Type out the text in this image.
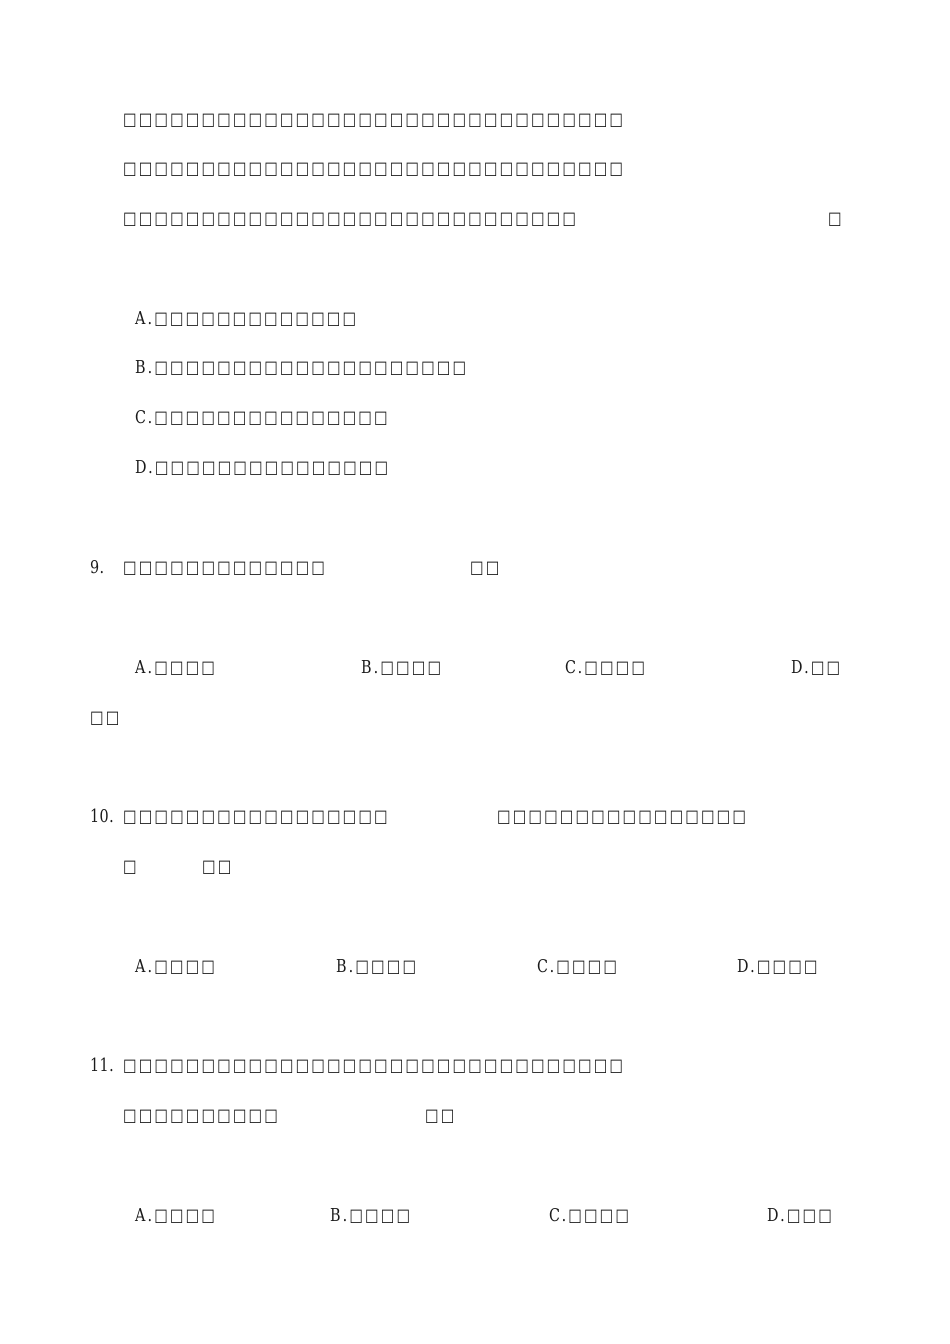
□□□□□□□□□□□□□□□□□□□□□□□□□□□□□□□□
□□□□□□□□□□□□□□□□□□□□□□□□□□□□□□□□
□□□□□□□□□□□□□□□□□□□□□□□□□□□□□	□
A.□□□□□□□□□□□□□
B.□□□□□□□□□□□□□□□□□□□□
C.□□□□□□□□□□□□□□□
D.□□□□□□□□□□□□□□□
9. □□□□□□□□□□□□□	□□
A.□□□□	B.□□□□	C.□□□□	D.□□
□□
10. □□□□□□□□□□□□□□□□□	□□□□□□□□□□□□□□□□
□	□□
A.□□□□	B.□□□□	C.□□□□	D.□□□□
11. □□□□□□□□□□□□□□□□□□□□□□□□□□□□□□□□
□□□□□□□□□□	□□
A.□□□□	B.□□□□	C.□□□□	D.□□□
